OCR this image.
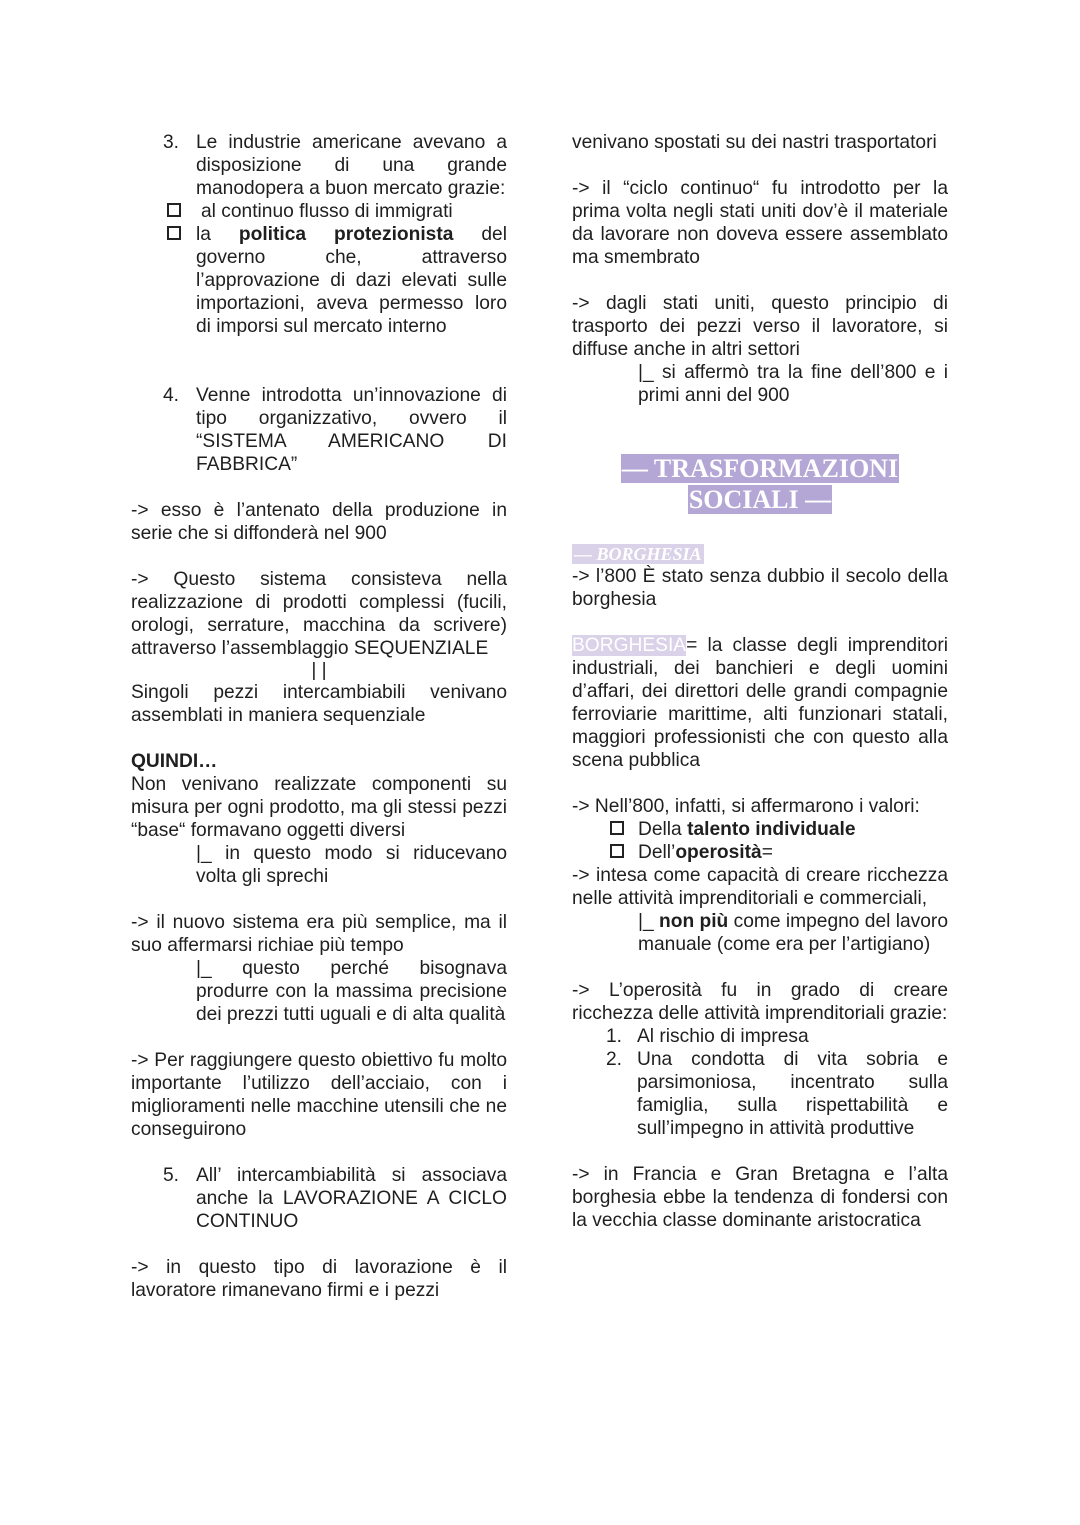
3. Le industrie americane avevano a disposizione di una grande manodopera a buon mercato grazie:
al continuo flusso di immigrati
la politica protezionista del governo che, attraverso l’approvazione di dazi elevati sulle importazioni, aveva permesso loro di imporsi sul mercato interno
4. Venne introdotta un’innovazione di tipo organizzativo, ovvero il “SISTEMA AMERICANO DI FABBRICA”

-> esso è l’antenato della produzione in serie che si diffonderà nel 900

-> Questo sistema consisteva nella realizzazione di prodotti complessi (fucili, orologi, serrature, macchina da scrivere) attraverso l’assemblaggio SEQUENZIALE

| |

Singoli pezzi intercambiabili venivano assemblati in maniera sequenziale

QUINDI…

Non venivano realizzate componenti su misura per ogni prodotto, ma gli stessi pezzi “base“ formavano oggetti diversi

|_ in questo modo si riducevano volta gli sprechi

-> il nuovo sistema era più semplice, ma il suo affermarsi richiae più tempo

|_ questo perché bisognava produrre con la massima precisione dei prezzi tutti uguali e di alta qualità

-> Per raggiungere questo obiettivo fu molto importante l’utilizzo dell’acciaio, con i miglioramenti nelle macchine utensili che ne conseguirono

5. All’ intercambiabilità si associava anche la LAVORAZIONE A CICLO CONTINUO

-> in questo tipo di lavorazione è il lavoratore rimanevano firmi e i pezzi

venivano spostati su dei nastri trasportatori

-> il “ciclo continuo“ fu introdotto per la prima volta negli stati uniti dov’è il materiale da lavorare non doveva essere assemblato ma smembrato

-> dagli stati uniti, questo principio di trasporto dei pezzi verso il lavoratore, si diffuse anche in altri settori

|_ si affermò tra la fine dell’800 e i primi anni del 900

— TRASFORMAZIONI

SOCIALI —

— BORGHESIA

-> l’800 È stato senza dubbio il secolo della borghesia

BORGHESIA= la classe degli imprenditori industriali, dei banchieri e degli uomini d’affari, dei direttori delle grandi compagnie ferroviarie marittime, alti funzionari statali, maggiori professionisti che con questo alla scena pubblica

-> Nell’800, infatti, si affermarono i valori:

Della talento individuale
Dell’operosità=

-> intesa come capacità di creare ricchezza nelle attività imprenditoriali e commerciali,

|_ non più come impegno del lavoro manuale (come era per l’artigiano)

-> L’operosità fu in grado di creare ricchezza delle attività imprenditoriali grazie:

1. Al rischio di impresa
2. Una condotta di vita sobria e parsimoniosa, incentrato sulla famiglia, sulla rispettabilità e sull’impegno in attività produttive

-> in Francia e Gran Bretagna e l’alta borghesia ebbe la tendenza di fondersi con la vecchia classe dominante aristocratica
